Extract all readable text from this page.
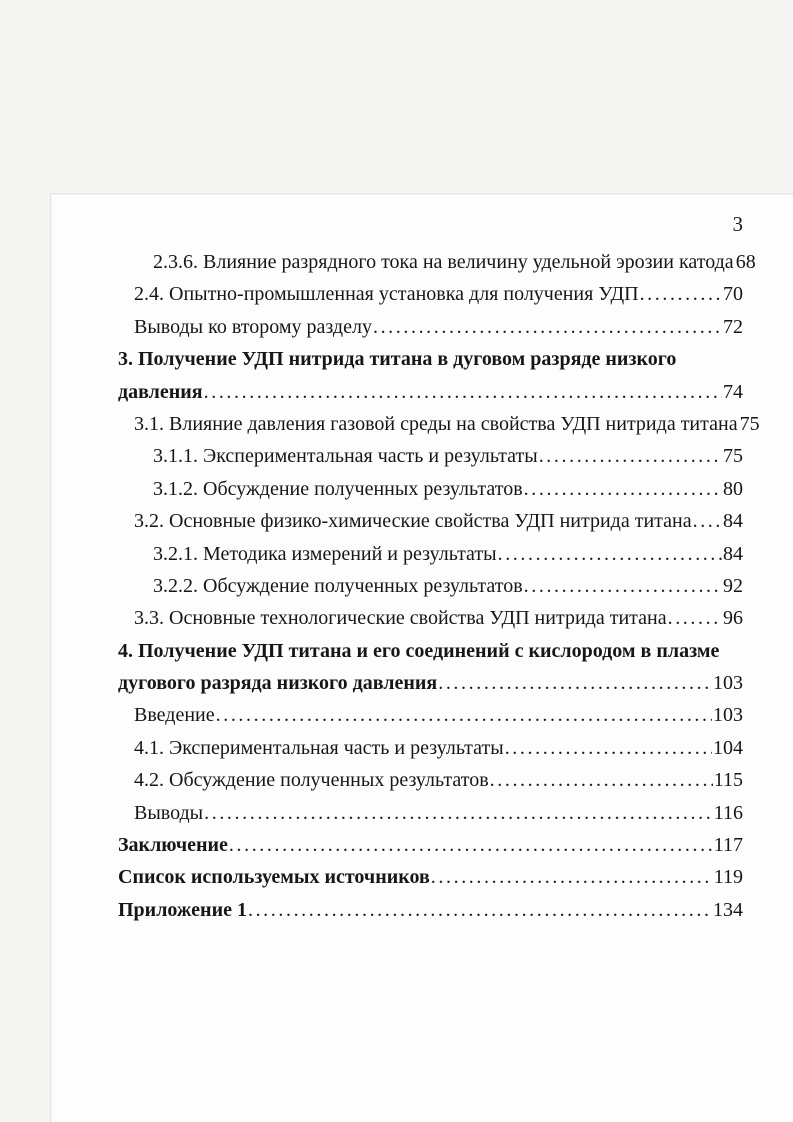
3
2.3.6. Влияние разрядного тока на величину удельной эрозии катода 68
2.4. Опытно-промышленная установка для получения УДП .....	70
Выводы ко второму разделу .....	72
3. Получение УДП нитрида титана в дуговом разряде низкого
давления .....	74
3.1. Влияние давления газовой среды на свойства УДП нитрида титана 75
3.1.1. Экспериментальная часть и результаты .....	75
3.1.2. Обсуждение полученных результатов .....	80
3.2. Основные физико-химические свойства УДП нитрида титана ..... 84
3.2.1. Методика измерений и результаты .....	84
3.2.2. Обсуждение полученных результатов .....	92
3.3. Основные технологические свойства УДП нитрида титана .....	96
4. Получение УДП титана и его соединений с кислородом в плазме
дугового разряда низкого давления .....	103
Введение .....	103
4.1. Экспериментальная часть и результаты .....	104
4.2. Обсуждение полученных результатов .....	115
Выводы .....	116
Заключение .....	117
Список используемых источников .....	119
Приложение 1 .....	134
